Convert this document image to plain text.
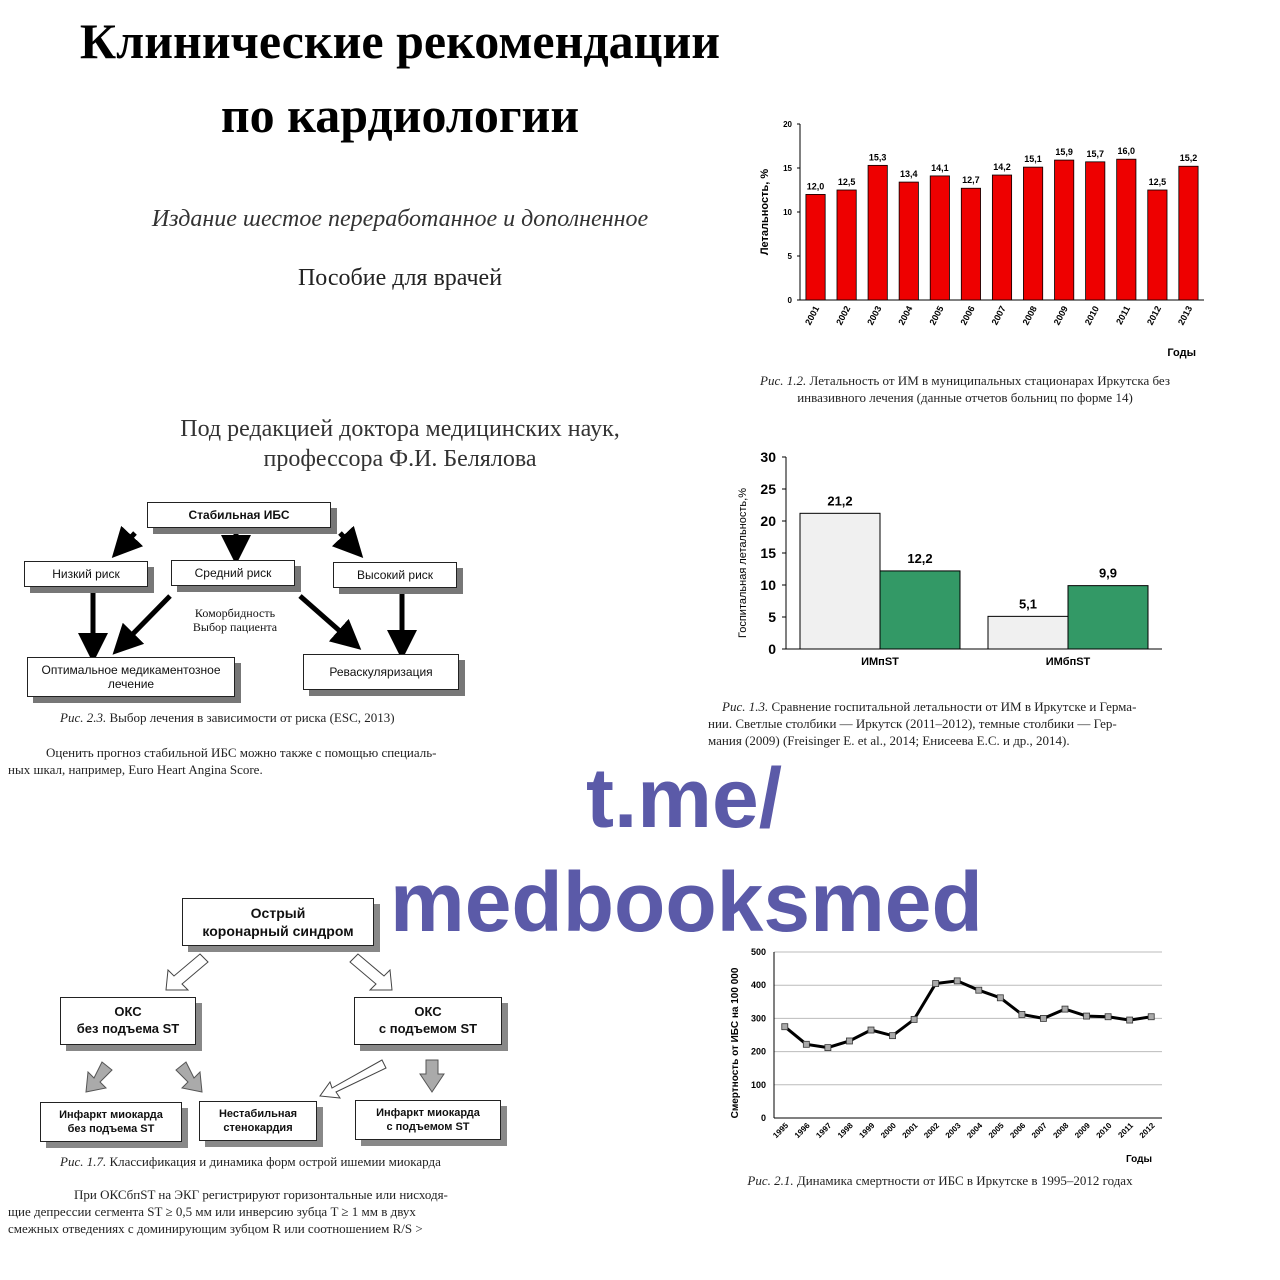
Клинические рекомендации
по кардиологии
Издание шестое переработанное и дополненное
Пособие для врачей
Под редакцией доктора медицинских наук,
профессора Ф.И. Белялова
0
5
10
15
20
12,0
2001
12,5
2002
15,3
2003
13,4
2004
14,1
2005
12,7
2006
14,2
2007
15,1
2008
15,9
2009
15,7
2010
16,0
2011
12,5
2012
15,2
2013
Летальность, %
Годы
Рис. 1.2. Летальность от ИМ в муниципальных стационарах Иркутска без
инвазивного лечения (данные отчетов больниц по форме 14)
0
5
10
15
20
25
30
21,2
12,2
ИМпST
5,1
9,9
ИМбпST
Госпитальная летальность,%
Рис. 1.3. Сравнение госпитальной летальности от ИМ в Иркутске и Герма-
нии. Светлые столбики — Иркутск (2011–2012), темные столбики — Гер-
мания (2009) (Freisinger E. et al., 2014; Енисеева Е.С. и др., 2014).
Стабильная ИБС
Низкий риск	Средний риск	Высокий риск
Коморбидность
Выбор пациента
Оптимальное медикаментозное
лечение
Реваскуляризация
Рис. 2.3. Выбор лечения в зависимости от риска (ESC, 2013)
Оценить прогноз стабильной ИБС можно также с помощью специаль-
ных шкал, например, Euro Heart Angina Score.	t.me/
medbooksmed
Острый
коронарный синдром
ОКС
без подъема ST
ОКС
с подъемом ST
Инфаркт миокарда
без подъема ST
Нестабильная
стенокардия
Инфаркт миокарда
с подъемом ST
Рис. 1.7. Классификация и динамика форм острой ишемии миокарда
При ОКСбпST на ЭКГ регистрируют горизонтальные или нисходя-
щие депрессии сегмента ST ≥ 0,5 мм или инверсию зубца T ≥ 1 мм в двух
смежных отведениях с доминирующим зубцом R или соотношением R/S >
0
100
200
300
400
500
1995 1996 1997 1998 1999 2000 2001 2002 2003 2004 2005 2006 2007 2008 2009 2010 2011 2012
Смертность от ИБС на 100 000
Годы
Рис. 2.1. Динамика смертности от ИБС в Иркутске в 1995–2012 годах
